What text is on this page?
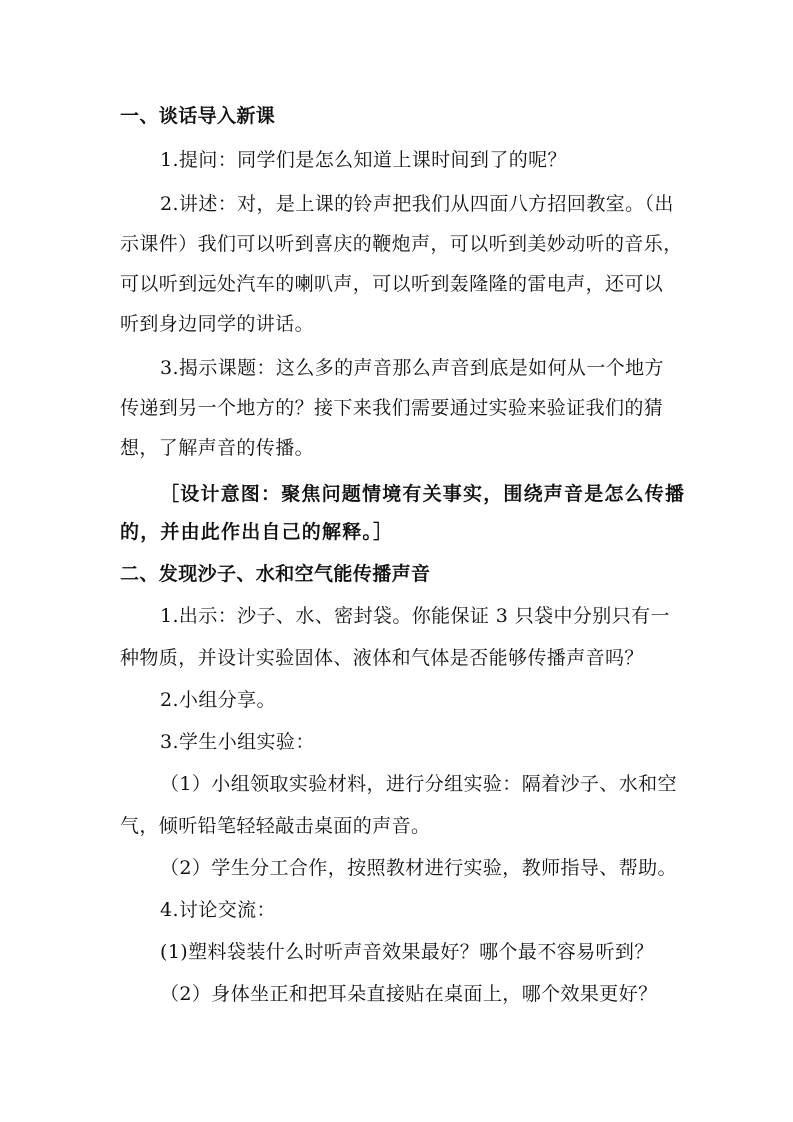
一、谈话导入新课
1.提问：同学们是怎么知道上课时间到了的呢？
2.讲述：对，是上课的铃声把我们从四面八方招回教室。（出
示课件）我们可以听到喜庆的鞭炮声，可以听到美妙动听的音乐，
可以听到远处汽车的喇叭声，可以听到轰隆隆的雷电声，还可以
听到身边同学的讲话。
3.揭示课题：这么多的声音那么声音到底是如何从一个地方
传递到另一个地方的？接下来我们需要通过实验来验证我们的猜
想，了解声音的传播。
［设计意图：聚焦问题情境有关事实，围绕声音是怎么传播
的，并由此作出自己的解释。］
二、发现沙子、水和空气能传播声音
1.出示：沙子、水、密封袋。你能保证 3 只袋中分别只有一
种物质，并设计实验固体、液体和气体是否能够传播声音吗？
2.小组分享。
3.学生小组实验：
（1）小组领取实验材料，进行分组实验：隔着沙子、水和空
气，倾听铅笔轻轻敲击桌面的声音。
（2）学生分工合作，按照教材进行实验，教师指导、帮助。
4.讨论交流：
(1)塑料袋装什么时听声音效果最好？哪个最不容易听到？
（2）身体坐正和把耳朵直接贴在桌面上，哪个效果更好？
